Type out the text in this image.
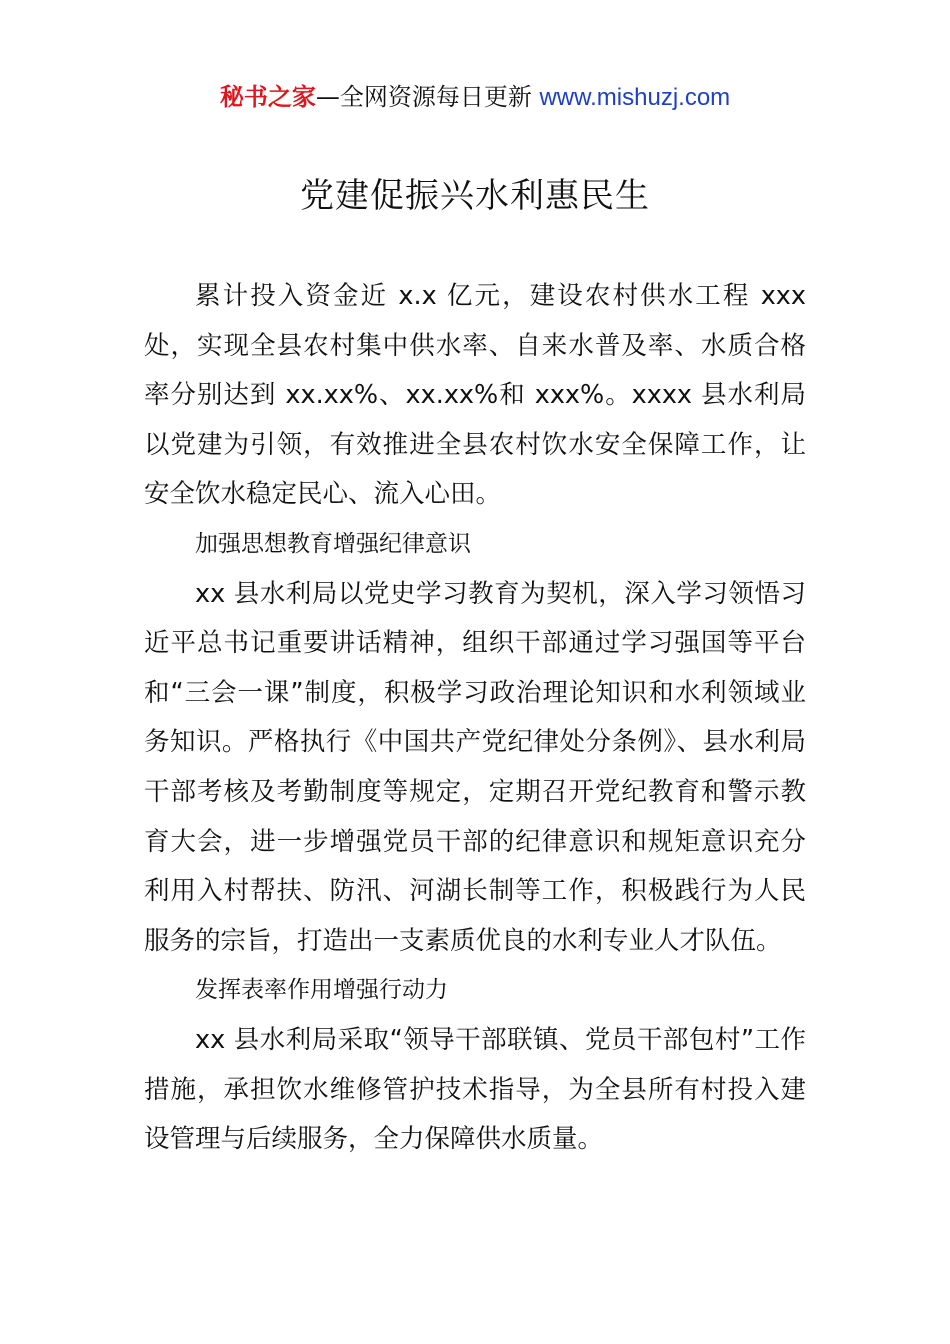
秘书之家—全网资源每日更新 www.mishuzj.com
党建促振兴水利惠民生

累计投入资金近 x.x 亿元，建设农村供水工程 xxx 处，实现全县农村集中供水率、自来水普及率、水质合格率分别达到 xx.xx%、xx.xx%和 xxx%。xxxx 县水利局以党建为引领，有效推进全县农村饮水安全保障工作，让安全饮水稳定民心、流入心田。

加强思想教育增强纪律意识

xx 县水利局以党史学习教育为契机，深入学习领悟习近平总书记重要讲话精神，组织干部通过学习强国等平台和“三会一课”制度，积极学习政治理论知识和水利领域业务知识。严格执行《中国共产党纪律处分条例》、县水利局干部考核及考勤制度等规定，定期召开党纪教育和警示教育大会，进一步增强党员干部的纪律意识和规矩意识充分利用入村帮扶、防汛、河湖长制等工作，积极践行为人民服务的宗旨，打造出一支素质优良的水利专业人才队伍。

发挥表率作用增强行动力

xx 县水利局采取“领导干部联镇、党员干部包村”工作措施，承担饮水维修管护技术指导，为全县所有村投入建设管理与后续服务，全力保障供水质量。
